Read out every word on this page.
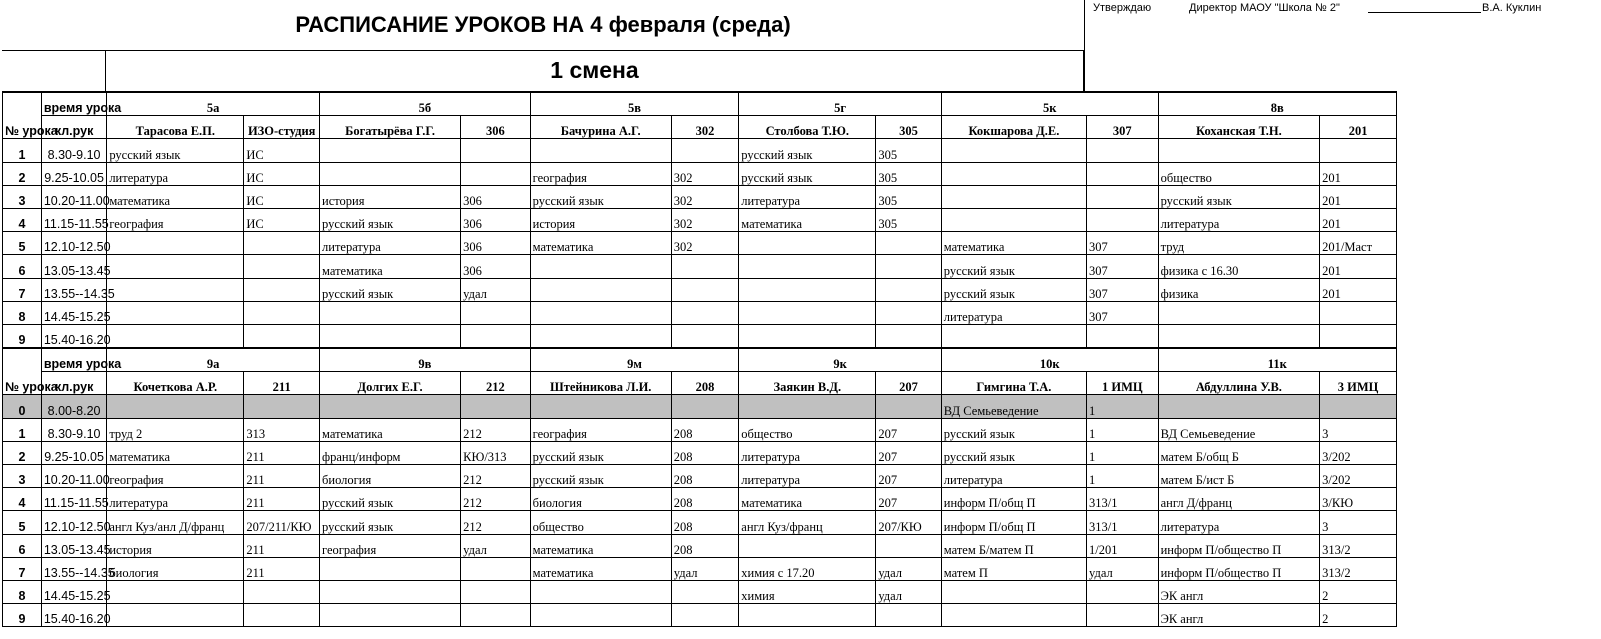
РАСПИСАНИЕ УРОКОВ НА 4 февраля (среда)
1 смена
Утверждаю	Директор МАОУ "Школа № 2"	В.А. Куклин
№ урока	время урока	5а		5б		5в		5г		5к		8в	
	кл.рук	Тарасова Е.П.	ИЗО-студия	Богатырёва Г.Г.	306	Бачурина А.Г.	302	Столбова Т.Ю.	305	Кокшарова Д.Е.	307	Коханская Т.Н.	201
1	8.30-9.10	русский язык	ИС					русский язык	305				
2	9.25-10.05	литература	ИС			география	302	русский язык	305			обществo	201
3	10.20-11.00	математика	ИС	история	306	русский язык	302	литература	305			русский язык	201
4	11.15-11.55	география	ИС	русский язык	306	история	302	математика	305			литература	201
5	12.10-12.50			литература	306	математика	302			математика	307	труд	201/Маст
6	13.05-13.45			математика	306					русский язык	307	физика с 16.30	201
7	13.55--14.35			русский язык	удал					русский язык	307	физика	201
8	14.45-15.25									литература	307		
9	15.40-16.20												
№ урока	время урока	9а		9в		9м		9к		10к		11к	
	кл.рук	Кочеткова А.Р.	211	Долгих Е.Г.	212	Штейникова Л.И.	208	Заякин В.Д.	207	Гимгина Т.А.	1 ИМЦ	Абдуллина У.В.	3 ИМЦ
0	8.00-8.20									ВД Семьеведение	1		
1	8.30-9.10	труд 2	313	математика	212	география	208	общество	207	русский язык	1	ВД Семьеведение	3
2	9.25-10.05	математика	211	франц/информ	КЮ/313	русский язык	208	литература	207	русский язык	1	матем Б/общ Б	3/202
3	10.20-11.00	география	211	биология	212	русский язык	208	литература	207	литература	1	матем Б/ист Б	3/202
4	11.15-11.55	литература	211	русский язык	212	биология	208	математика	207	информ П/общ П	313/1	англ Д/франц	3/КЮ
5	12.10-12.50	англ Куз/анл Д/франц	207/211/КЮ	русский язык	212	общество	208	англ Куз/франц	207/КЮ	информ П/общ П	313/1	литература	3
6	13.05-13.45	история	211	география	удал	математика	208			матем Б/матем П	1/201	информ П/общество П	313/2
7	13.55--14.35	биология	211			математика	удал	химия с 17.20	удал	матем П	удал	информ П/общество П	313/2
8	14.45-15.25							химия	удал			ЭК англ	2
9	15.40-16.20											ЭК англ	2
